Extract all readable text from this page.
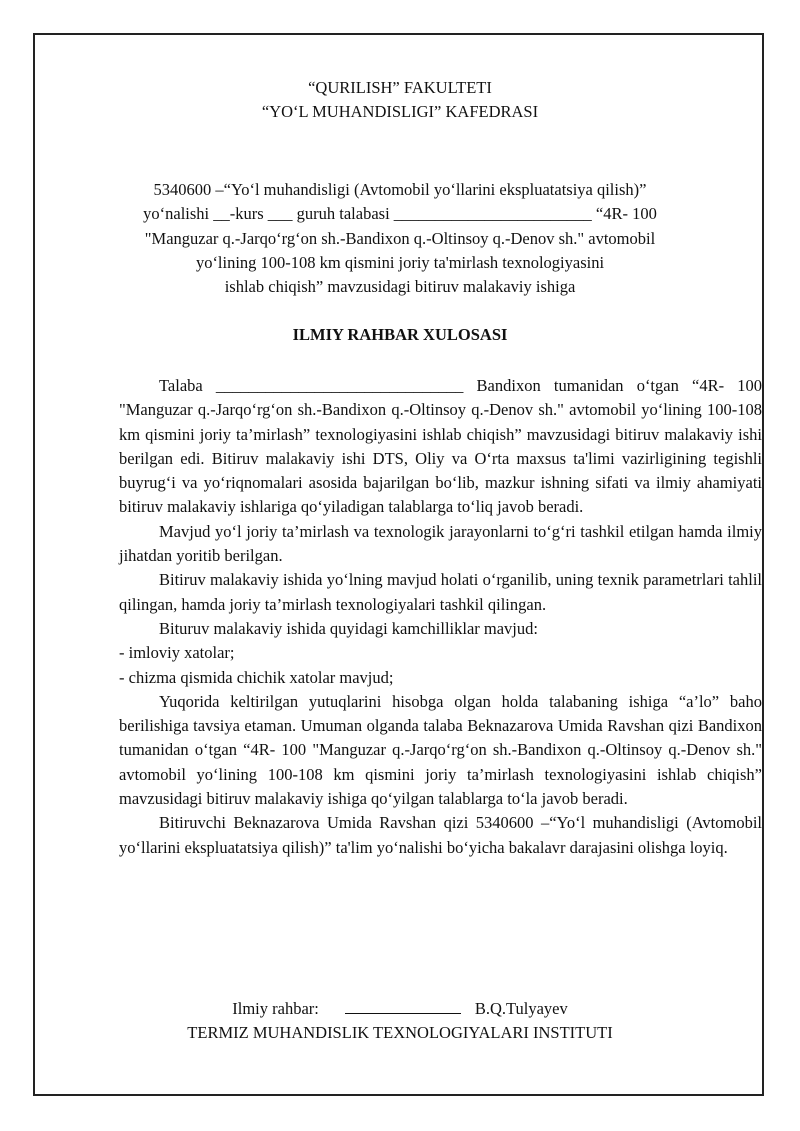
“QURILISH” FAKULTETI
“YO‘L MUHANDISLIGI” KAFEDRASI
5340600 –“Yo‘l muhandisligi (Avtomobil yo‘llarini ekspluatatsiya qilish)”
yo‘nalishi __-kurs ___ guruh talabasi ________________________ “4R- 100
"Manguzar q.-Jarqo‘rg‘on sh.-Bandixon q.-Oltinsoy q.-Denov sh." avtomobil
yo‘lining 100-108 km qismini joriy ta'mirlash texnologiyasini
ishlab chiqish” mavzusidagi bitiruv malakaviy ishiga
ILMIY RAHBAR XULOSASI

Talaba ______________________________ Bandixon tumanidan o‘tgan “4R- 100 "Manguzar q.-Jarqo‘rg‘on sh.-Bandixon q.-Oltinsoy q.-Denov sh." avtomobil yo‘lining 100-108 km qismini joriy ta’mirlash” texnologiyasini ishlab chiqish” mavzusidagi bitiruv malakaviy ishi berilgan edi. Bitiruv malakaviy ishi DTS, Oliy va O‘rta maxsus ta'limi vazirligining tegishli buyrug‘i va yo‘riqnomalari asosida bajarilgan bo‘lib, mazkur ishning sifati va ilmiy ahamiyati bitiruv malakaviy ishlariga qo‘yiladigan talablarga to‘liq javob beradi.

Mavjud yo‘l joriy ta’mirlash va texnologik jarayonlarni to‘g‘ri tashkil etilgan hamda ilmiy jihatdan yoritib berilgan.

Bitiruv malakaviy ishida yo‘lning mavjud holati o‘rganilib, uning texnik parametrlari tahlil qilingan, hamda joriy ta’mirlash texnologiyalari tashkil qilingan.

Bituruv malakaviy ishida quyidagi kamchilliklar mavjud:

- imloviy xatolar;

- chizma qismida chichik xatolar mavjud;

Yuqorida keltirilgan yutuqlarini hisobga olgan holda talabaning ishiga “a’lo” baho berilishiga tavsiya etaman. Umuman olganda talaba Beknazarova Umida Ravshan qizi Bandixon tumanidan o‘tgan “4R- 100 "Manguzar q.-Jarqo‘rg‘on sh.-Bandixon q.-Oltinsoy q.-Denov sh." avtomobil yo‘lining 100-108 km qismini joriy ta’mirlash texnologiyasini ishlab chiqish” mavzusidagi bitiruv malakaviy ishiga qo‘yilgan talablarga to‘la javob beradi.

Bitiruvchi Beknazarova Umida Ravshan qizi 5340600 –“Yo‘l muhandisligi (Avtomobil yo‘llarini ekspluatatsiya qilish)” ta'lim yo‘nalishi bo‘yicha bakalavr darajasini olishga loyiq.

Ilmiy rahbar:	B.Q.Tulyayev
TERMIZ MUHANDISLIK TEXNOLOGIYALARI INSTITUTI
